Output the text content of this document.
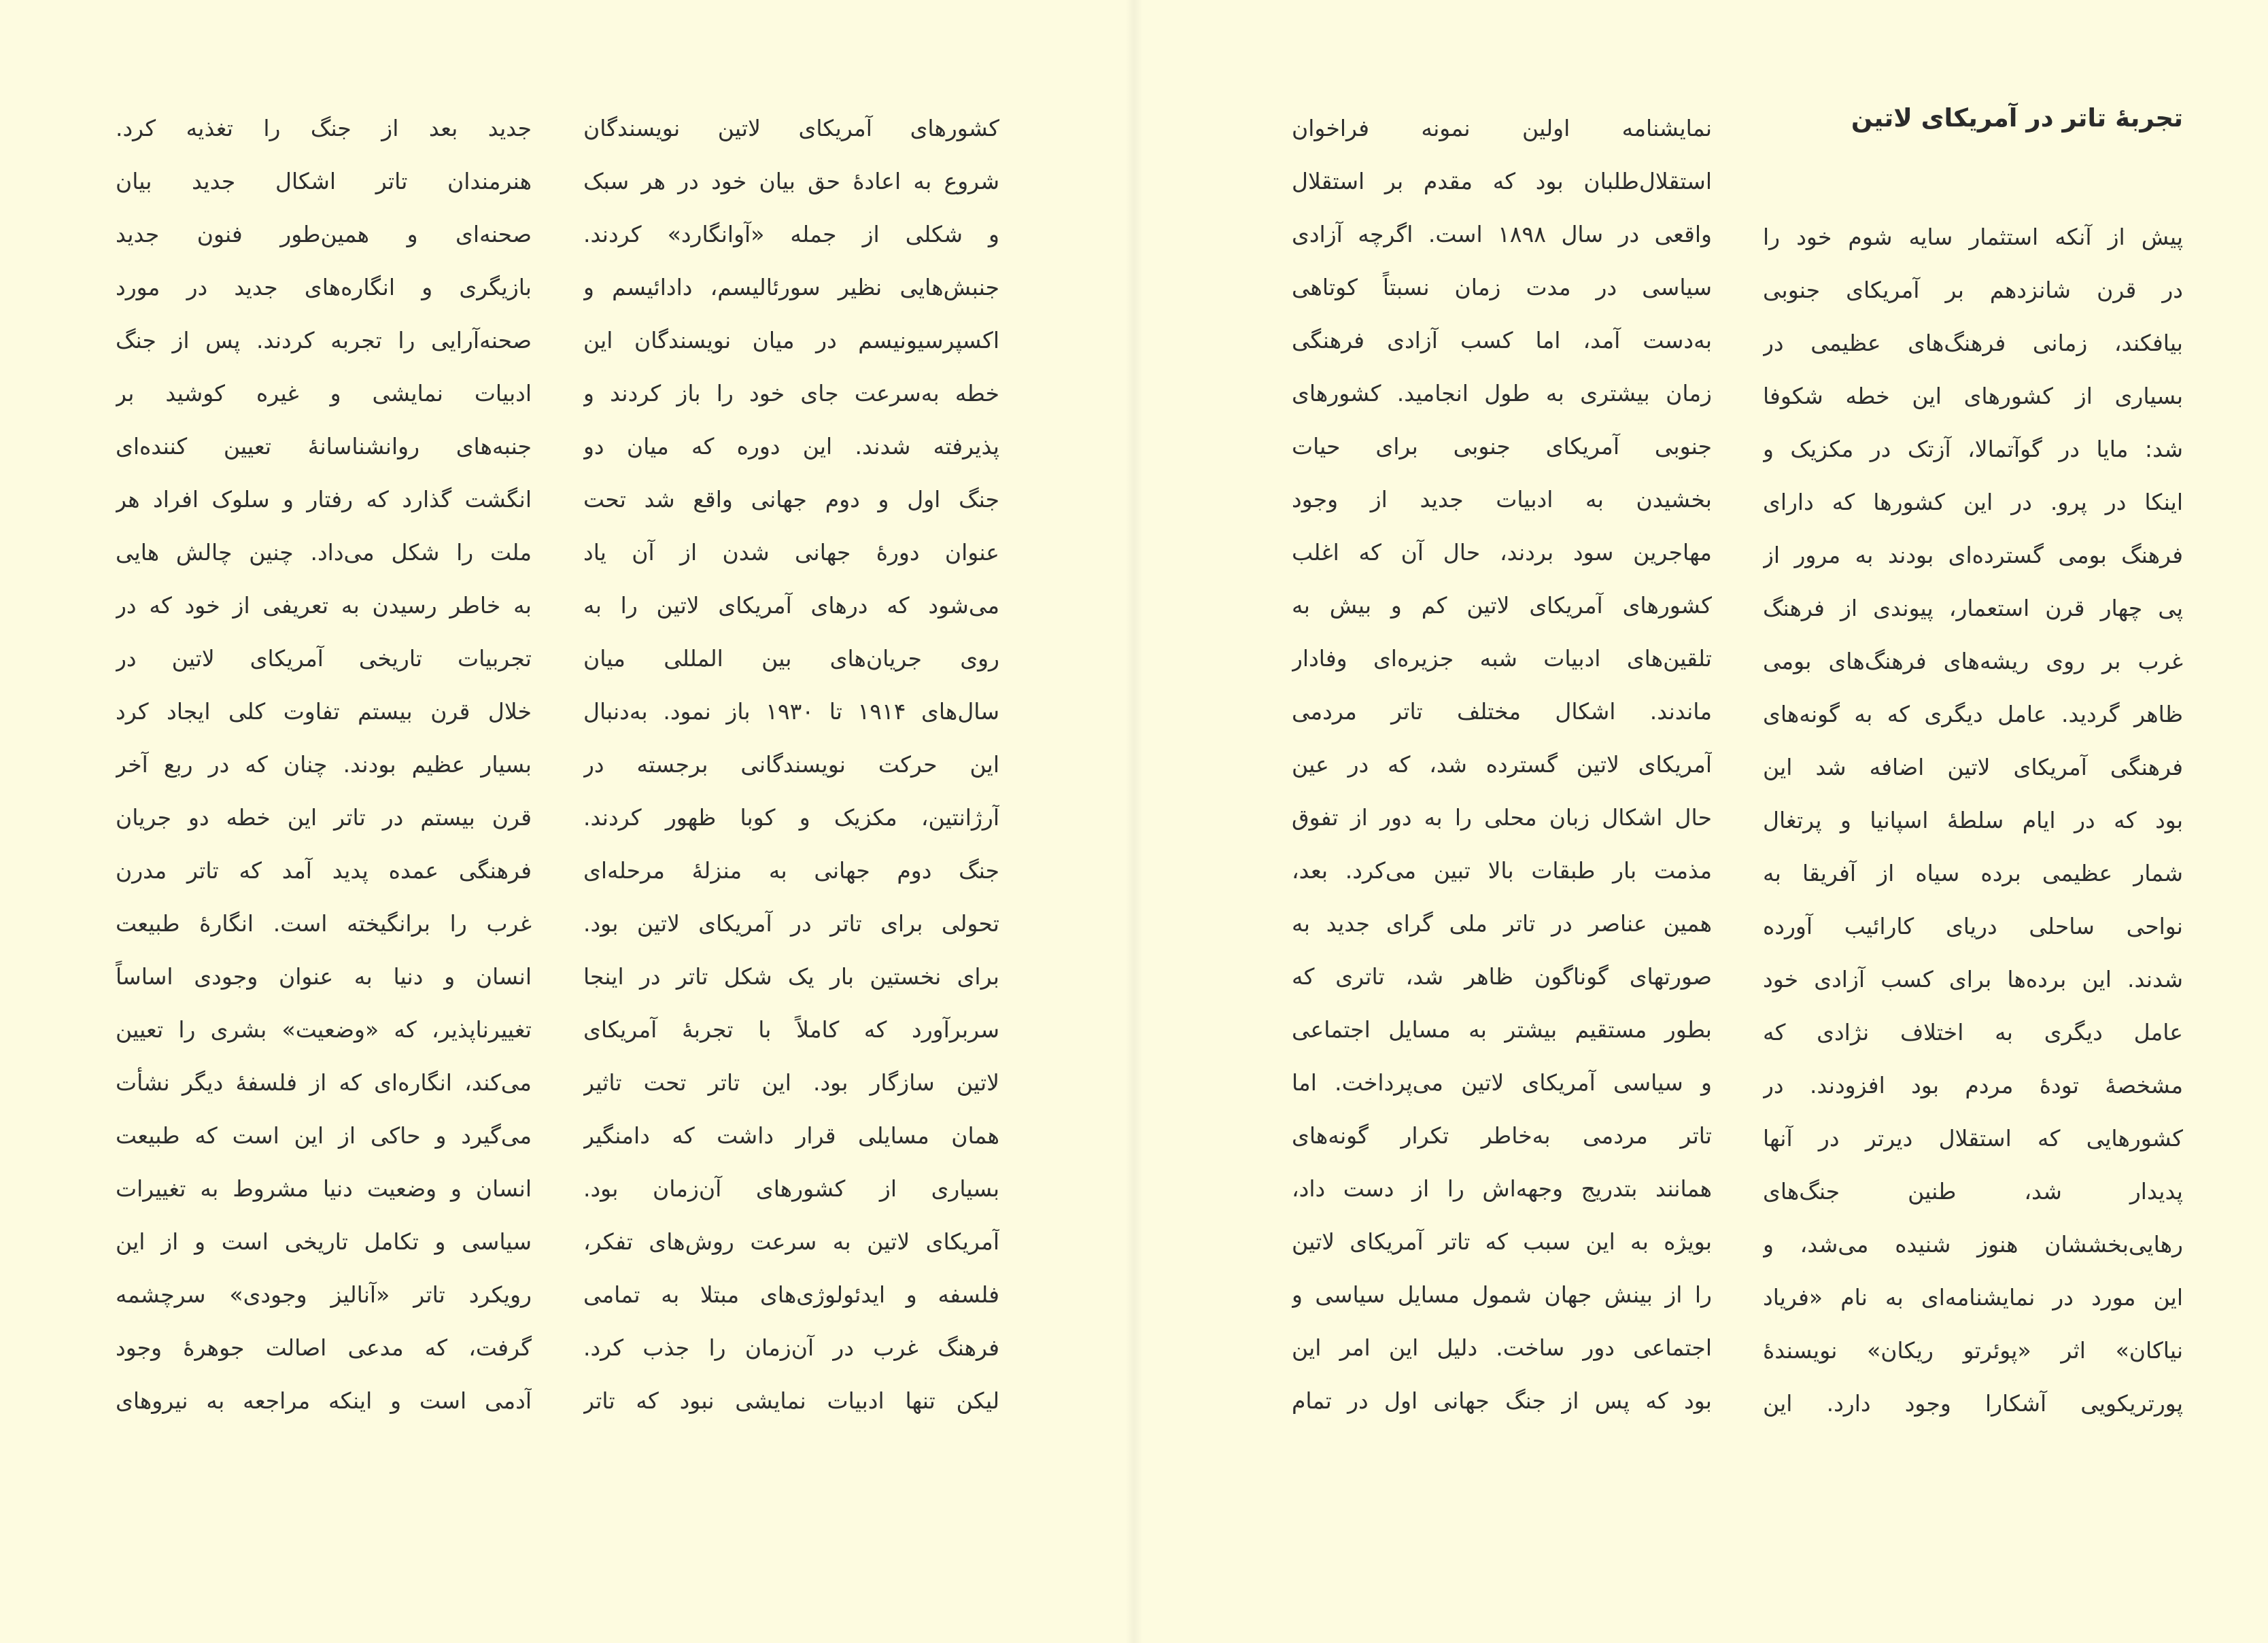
تجربهٔ تاتر در آمریکای لاتین
پیش از آنکه استثمار سایه شوم خود را
در قرن شانزدهم بر آمریکای جنوبی
بیافکند، زمانی فرهنگ‌های عظیمی در
بسیاری از کشورهای این خطه شکوفا
شد: مایا در گوآتمالا، آزتک در مکزیک و
اینکا در پرو. در این کشورها که دارای
فرهنگ بومی گسترده‌ای بودند به مرور از
پی چهار قرن استعمار، پیوندی از فرهنگ
غرب بر روی ریشه‌های فرهنگ‌های بومی
ظاهر گردید. عامل دیگری که به گونه‌های
فرهنگی آمریکای لاتین اضافه شد این
بود که در ایام سلطهٔ اسپانیا و پرتغال
شمار عظیمی برده سیاه از آفریقا به
نواحی ساحلی دریای کارائیب آورده
شدند. این برده‌ها برای کسب آزادی خود
عامل دیگری به اختلاف نژادی که
مشخصهٔ تودهٔ مردم بود افزودند. در
کشورهایی که استقلال دیرتر در آنها
پدیدار شد، طنین جنگ‌های
رهایی‌بخششان هنوز شنیده می‌شد، و
این مورد در نمایشنامه‌ای به نام «فریاد
نیاکان» اثر «پوئرتو ریکان» نویسندهٔ
پورتریکویی آشکارا وجود دارد. این
نمایشنامه اولین نمونه فراخوان
استقلال‌طلبان بود که مقدم بر استقلال
واقعی در سال ۱۸۹۸ است. اگرچه آزادی
سیاسی در مدت زمان نسبتاً کوتاهی
به‌دست آمد، اما کسب آزادی فرهنگی
زمان بیشتری به طول انجامید. کشورهای
جنوبی آمریکای جنوبی برای حیات
بخشیدن به ادبیات جدید از وجود
مهاجرین سود بردند، حال آن که اغلب
کشورهای آمریکای لاتین کم و بیش به
تلقین‌های ادبیات شبه جزیره‌ای وفادار
ماندند. اشکال مختلف تاتر مردمی
آمریکای لاتین گسترده شد، که در عین
حال اشکال زبان محلی را به دور از تفوق
مذمت بار طبقات بالا تبین می‌کرد. بعد،
همین عناصر در تاتر ملی گرای جدید به
صورتهای گوناگون ظاهر شد، تاتری که
بطور مستقیم بیشتر به مسایل اجتماعی
و سیاسی آمریکای لاتین می‌پرداخت. اما
تاتر مردمی به‌خاطر تکرار گونه‌های
همانند بتدریج وجهه‌اش را از دست داد،
بویژه به این سبب که تاتر آمریکای لاتین
را از بینش جهان شمول مسایل سیاسی و
اجتماعی دور ساخت. دلیل این امر این
بود که پس از جنگ جهانی اول در تمام
کشورهای آمریکای لاتین نویسندگان
شروع به اعادهٔ حق بیان خود در هر سبک
و شکلی از جمله «آوانگارد» کردند.
جنبش‌هایی نظیر سورئالیسم، دادائیسم و
اکسپرسیونیسم در میان نویسندگان این
خطه به‌سرعت جای خود را باز کردند و
پذیرفته شدند. این دوره که میان دو
جنگ اول و دوم جهانی واقع شد تحت
عنوان دورهٔ جهانی شدن از آن یاد
می‌شود که درهای آمریکای لاتین را به
روی جریان‌های بین المللی میان
سال‌های ۱۹۱۴ تا ۱۹۳۰ باز نمود. به‌دنبال
این حرکت نویسندگانی برجسته در
آرژانتین، مکزیک و کوبا ظهور کردند.
جنگ دوم جهانی به منزلهٔ مرحله‌ای
تحولی برای تاتر در آمریکای لاتین بود.
برای نخستین بار یک شکل تاتر در اینجا
سربرآورد که کاملاً با تجربهٔ آمریکای
لاتین سازگار بود. این تاتر تحت تاثیر
همان مسایلی قرار داشت که دامنگیر
بسیاری از کشورهای آن‌زمان بود.
آمریکای لاتین به سرعت روش‌های تفکر،
فلسفه و ایدئولوژی‌های مبتلا به تمامی
فرهنگ غرب در آن‌زمان را جذب کرد.
لیکن تنها ادبیات نمایشی نبود که تاتر
جدید بعد از جنگ را تغذیه کرد.
هنرمندان تاتر اشکال جدید بیان
صحنه‌ای و همین‌طور فنون جدید
بازیگری و انگاره‌های جدید در مورد
صحنه‌آرایی را تجربه کردند. پس از جنگ
ادبیات نمایشی و غیره کوشید بر
جنبه‌های روانشناسانهٔ تعیین کننده‌ای
انگشت گذارد که رفتار و سلوک افراد هر
ملت را شکل می‌داد. چنین چالش هایی
به خاطر رسیدن به تعریفی از خود که در
تجربیات تاریخی آمریکای لاتین در
خلال قرن بیستم تفاوت کلی ایجاد کرد
بسیار عظیم بودند. چنان که در ربع آخر
قرن بیستم در تاتر این خطه دو جریان
فرهنگی عمده پدید آمد که تاتر مدرن
غرب را برانگیخته است. انگارهٔ طبیعت
انسان و دنیا به عنوان وجودی اساساً
تغییرناپذیر، که «وضعیت» بشری را تعیین
می‌کند، انگاره‌ای که از فلسفهٔ دیگر نشأت
می‌گیرد و حاکی از این است که طبیعت
انسان و وضعیت دنیا مشروط به تغییرات
سیاسی و تکامل تاریخی است و از این
رویکرد تاتر «آنالیز وجودی» سرچشمه
گرفت، که مدعی اصالت جوهرهٔ وجود
آدمی است و اینکه مراجعه به نیروهای
